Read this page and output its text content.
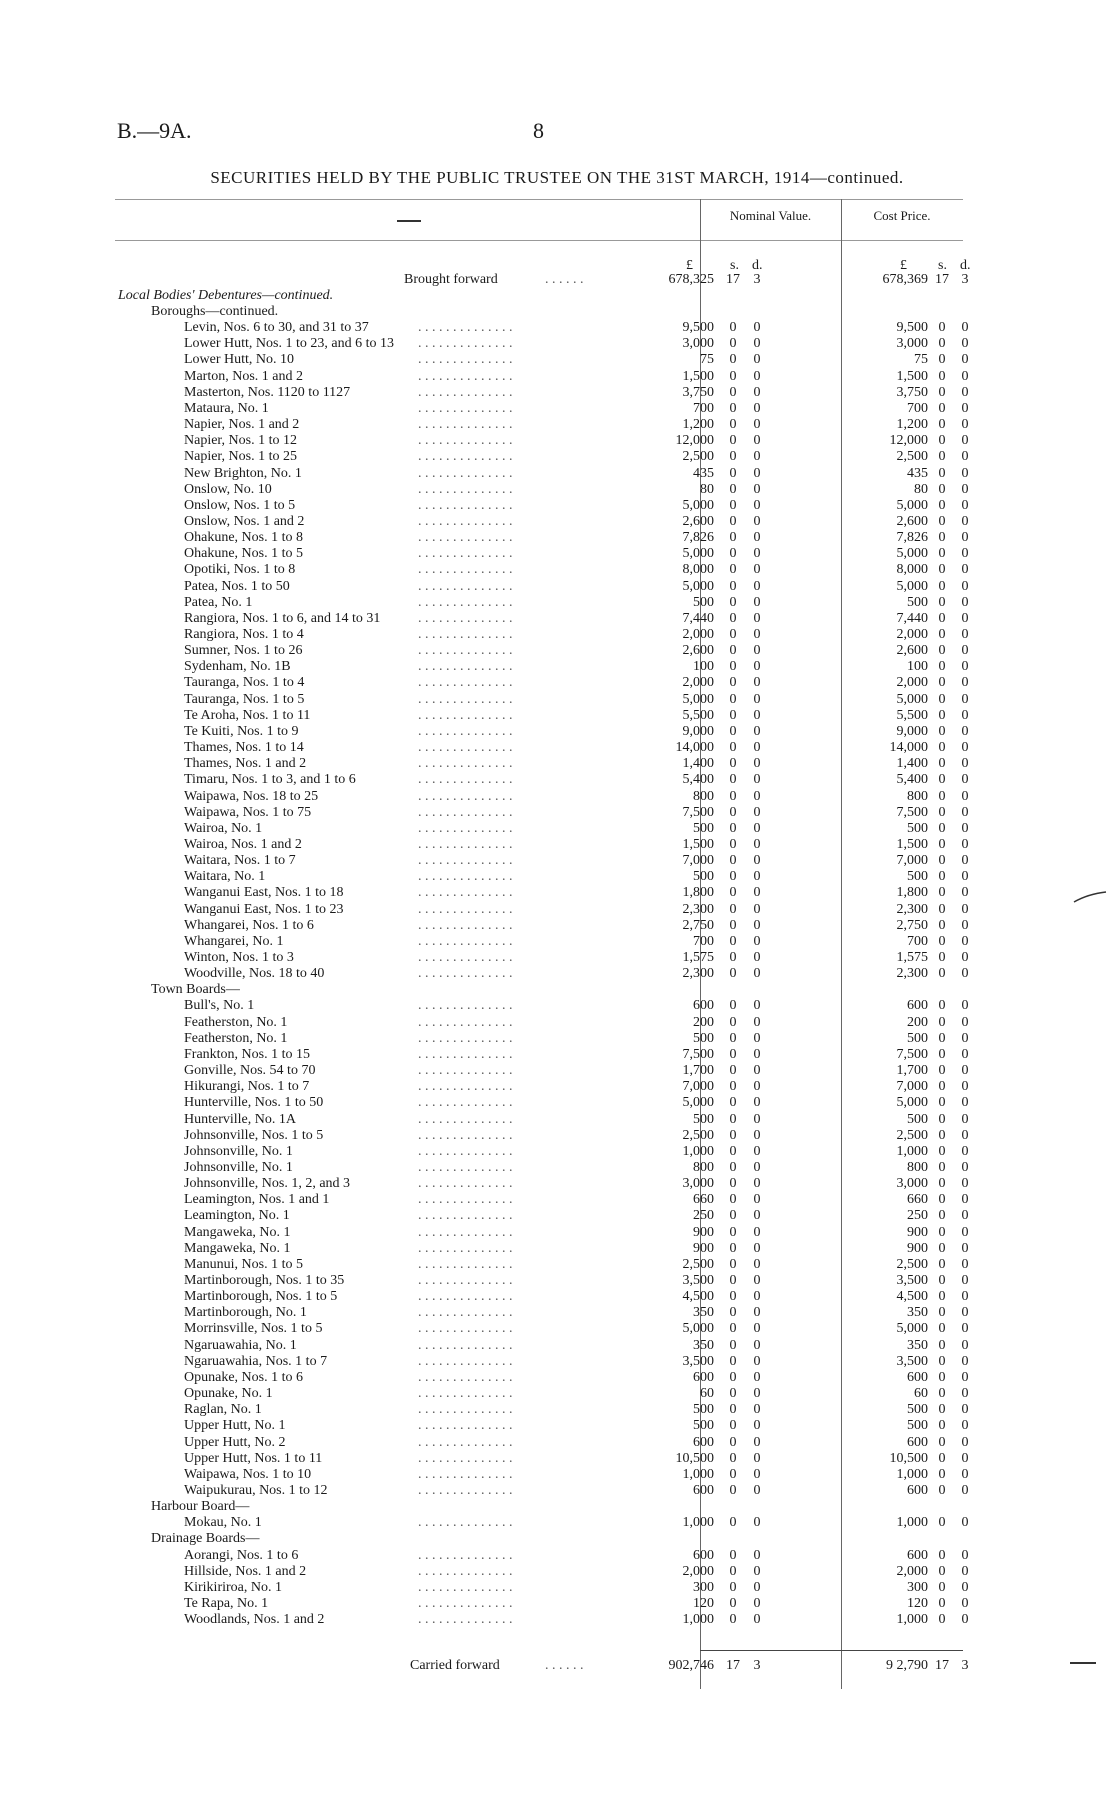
B.—9A.	8
SECURITIES HELD BY THE PUBLIC TRUSTEE ON THE 31ST MARCH, 1914—continued.
Nominal Value.	Cost Price.
£	s. d.	£ s. d.
Brought forward	. . . . . .	678,325 17 3	678,369 17 3
Local Bodies' Debentures—continued.
Boroughs—continued.
Levin, Nos. 6 to 30, and 31 to 37	. . . . . . . . . . . . . .	9,500 0 0	9,500 0 0
Lower Hutt, Nos. 1 to 23, and 6 to 13 . . . . . . . . . . . . . .	3,000 0 0	3,000 0 0
Lower Hutt, No. 10	. . . . . . . . . . . . . .	75 0 0	75 0 0
Marton, Nos. 1 and 2	. . . . . . . . . . . . . .	1,500 0 0	1,500 0 0
Masterton, Nos. 1120 to 1127	. . . . . . . . . . . . . .	3,750 0 0	3,750 0 0
Mataura, No. 1	. . . . . . . . . . . . . .	700 0 0	700 0 0
Napier, Nos. 1 and 2	. . . . . . . . . . . . . .	1,200 0 0	1,200 0 0
Napier, Nos. 1 to 12	. . . . . . . . . . . . . .	12,000 0 0	12,000 0 0
Napier, Nos. 1 to 25	. . . . . . . . . . . . . .	2,500 0 0	2,500 0 0
New Brighton, No. 1	. . . . . . . . . . . . . .	435 0 0	435 0 0
Onslow, No. 10	. . . . . . . . . . . . . .	80 0 0	80 0 0
Onslow, Nos. 1 to 5	. . . . . . . . . . . . . .	5,000 0 0	5,000 0 0
Onslow, Nos. 1 and 2	. . . . . . . . . . . . . .	2,600 0 0	2,600 0 0
Ohakune, Nos. 1 to 8	. . . . . . . . . . . . . .	7,826 0 0	7,826 0 0
Ohakune, Nos. 1 to 5	. . . . . . . . . . . . . .	5,000 0 0	5,000 0 0
Opotiki, Nos. 1 to 8	. . . . . . . . . . . . . .	8,000 0 0	8,000 0 0
Patea, Nos. 1 to 50	. . . . . . . . . . . . . .	5,000 0 0	5,000 0 0
Patea, No. 1	. . . . . . . . . . . . . .	500 0 0	500 0 0
Rangiora, Nos. 1 to 6, and 14 to 31	. . . . . . . . . . . . . .	7,440 0 0	7,440 0 0
Rangiora, Nos. 1 to 4	. . . . . . . . . . . . . .	2,000 0 0	2,000 0 0
Sumner, Nos. 1 to 26	. . . . . . . . . . . . . .	2,600 0 0	2,600 0 0
Sydenham, No. 1B	. . . . . . . . . . . . . .	100 0 0	100 0 0
Tauranga, Nos. 1 to 4	. . . . . . . . . . . . . .	2,000 0 0	2,000 0 0
Tauranga, Nos. 1 to 5	. . . . . . . . . . . . . .	5,000 0 0	5,000 0 0
Te Aroha, Nos. 1 to 11	. . . . . . . . . . . . . .	5,500 0 0	5,500 0 0
Te Kuiti, Nos. 1 to 9	. . . . . . . . . . . . . .	9,000 0 0	9,000 0 0
Thames, Nos. 1 to 14	. . . . . . . . . . . . . .	14,000 0 0	14,000 0 0
Thames, Nos. 1 and 2	. . . . . . . . . . . . . .	1,400 0 0	1,400 0 0
Timaru, Nos. 1 to 3, and 1 to 6	. . . . . . . . . . . . . .	5,400 0 0	5,400 0 0
Waipawa, Nos. 18 to 25	. . . . . . . . . . . . . .	800 0 0	800 0 0
Waipawa, Nos. 1 to 75	. . . . . . . . . . . . . .	7,500 0 0	7,500 0 0
Wairoa, No. 1	. . . . . . . . . . . . . .	500 0 0	500 0 0
Wairoa, Nos. 1 and 2	. . . . . . . . . . . . . .	1,500 0 0	1,500 0 0
Waitara, Nos. 1 to 7	. . . . . . . . . . . . . .	7,000 0 0	7,000 0 0
Waitara, No. 1	. . . . . . . . . . . . . .	500 0 0	500 0 0
Wanganui East, Nos. 1 to 18	. . . . . . . . . . . . . .	1,800 0 0	1,800 0 0
Wanganui East, Nos. 1 to 23	. . . . . . . . . . . . . .	2,300 0 0	2,300 0 0
Whangarei, Nos. 1 to 6	. . . . . . . . . . . . . .	2,750 0 0	2,750 0 0
Whangarei, No. 1	. . . . . . . . . . . . . .	700 0 0	700 0 0
Winton, Nos. 1 to 3	. . . . . . . . . . . . . .	1,575 0 0	1,575 0 0
Woodville, Nos. 18 to 40	. . . . . . . . . . . . . .	2,300 0 0	2,300 0 0
Town Boards—
Bull's, No. 1	. . . . . . . . . . . . . .	600 0 0	600 0 0
Featherston, No. 1	. . . . . . . . . . . . . .	200 0 0	200 0 0
Featherston, No. 1	. . . . . . . . . . . . . .	500 0 0	500 0 0
Frankton, Nos. 1 to 15	. . . . . . . . . . . . . .	7,500 0 0	7,500 0 0
Gonville, Nos. 54 to 70	. . . . . . . . . . . . . .	1,700 0 0	1,700 0 0
Hikurangi, Nos. 1 to 7	. . . . . . . . . . . . . .	7,000 0 0	7,000 0 0
Hunterville, Nos. 1 to 50	. . . . . . . . . . . . . .	5,000 0 0	5,000 0 0
Hunterville, No. 1A	. . . . . . . . . . . . . .	500 0 0	500 0 0
Johnsonville, Nos. 1 to 5	. . . . . . . . . . . . . .	2,500 0 0	2,500 0 0
Johnsonville, No. 1	. . . . . . . . . . . . . .	1,000 0 0	1,000 0 0
Johnsonville, No. 1	. . . . . . . . . . . . . .	800 0 0	800 0 0
Johnsonville, Nos. 1, 2, and 3	. . . . . . . . . . . . . .	3,000 0 0	3,000 0 0
Leamington, Nos. 1 and 1	. . . . . . . . . . . . . .	660 0 0	660 0 0
Leamington, No. 1	. . . . . . . . . . . . . .	250 0 0	250 0 0
Mangaweka, No. 1	. . . . . . . . . . . . . .	900 0 0	900 0 0
Mangaweka, No. 1	. . . . . . . . . . . . . .	900 0 0	900 0 0
Manunui, Nos. 1 to 5	. . . . . . . . . . . . . .	2,500 0 0	2,500 0 0
Martinborough, Nos. 1 to 35	. . . . . . . . . . . . . .	3,500 0 0	3,500 0 0
Martinborough, Nos. 1 to 5	. . . . . . . . . . . . . .	4,500 0 0	4,500 0 0
Martinborough, No. 1	. . . . . . . . . . . . . .	350 0 0	350 0 0
Morrinsville, Nos. 1 to 5	. . . . . . . . . . . . . .	5,000 0 0	5,000 0 0
Ngaruawahia, No. 1	. . . . . . . . . . . . . .	350 0 0	350 0 0
Ngaruawahia, Nos. 1 to 7	. . . . . . . . . . . . . .	3,500 0 0	3,500 0 0
Opunake, Nos. 1 to 6	. . . . . . . . . . . . . .	600 0 0	600 0 0
Opunake, No. 1	. . . . . . . . . . . . . .	60 0 0	60 0 0
Raglan, No. 1	. . . . . . . . . . . . . .	500 0 0	500 0 0
Upper Hutt, No. 1	. . . . . . . . . . . . . .	500 0 0	500 0 0
Upper Hutt, No. 2	. . . . . . . . . . . . . .	600 0 0	600 0 0
Upper Hutt, Nos. 1 to 11	. . . . . . . . . . . . . .	10,500 0 0	10,500 0 0
Waipawa, Nos. 1 to 10	. . . . . . . . . . . . . .	1,000 0 0	1,000 0 0
Waipukurau, Nos. 1 to 12	. . . . . . . . . . . . . .	600 0 0	600 0 0
Harbour Board—
Mokau, No. 1	. . . . . . . . . . . . . .	1,000 0 0	1,000 0 0
Drainage Boards—
Aorangi, Nos. 1 to 6	. . . . . . . . . . . . . .	600 0 0	600 0 0
Hillside, Nos. 1 and 2	. . . . . . . . . . . . . .	2,000 0 0	2,000 0 0
Kirikiriroa, No. 1	. . . . . . . . . . . . . .	300 0 0	300 0 0
Te Rapa, No. 1	. . . . . . . . . . . . . .	120 0 0	120 0 0
Woodlands, Nos. 1 and 2	. . . . . . . . . . . . . .	1,000 0 0	1,000 0 0
Carried forward	. . . . . .	902,746 17 3	9 2,790 17 3
